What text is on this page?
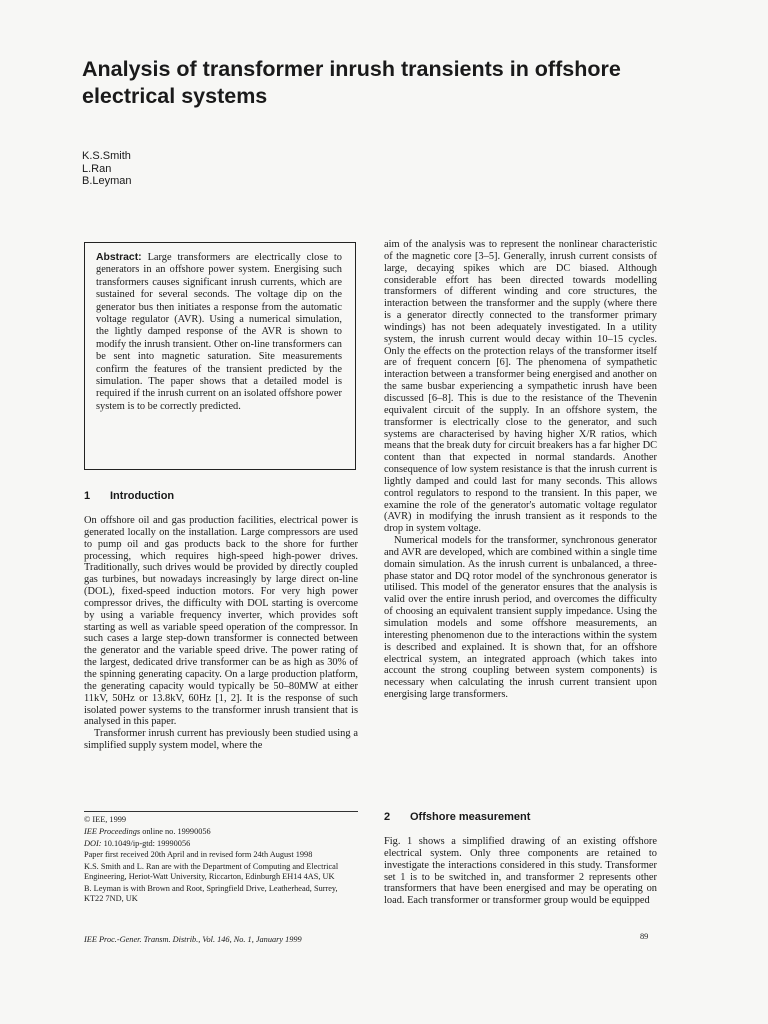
Analysis of transformer inrush transients in offshore electrical systems
K.S.Smith
L.Ran
B.Leyman

Abstract: Large transformers are electrically close to generators in an offshore power system. Energising such transformers causes significant inrush currents, which are sustained for several seconds. The voltage dip on the generator bus then initiates a response from the automatic voltage regulator (AVR). Using a numerical simulation, the lightly damped response of the AVR is shown to modify the inrush transient. Other on-line transformers can be sent into magnetic saturation. Site measurements confirm the features of the transient predicted by the simulation. The paper shows that a detailed model is required if the inrush current on an isolated offshore power system is to be correctly predicted.

1 Introduction

On offshore oil and gas production facilities, electrical power is generated locally on the installation. Large compressors are used to pump oil and gas products back to the shore for further processing, which requires high-speed high-power drives. Traditionally, such drives would be provided by directly coupled gas turbines, but nowadays increasingly by large direct on-line (DOL), fixed-speed induction motors. For very high power compressor drives, the difficulty with DOL starting is overcome by using a variable frequency inverter, which provides soft starting as well as variable speed operation of the compressor. In such cases a large step-down transformer is connected between the generator and the variable speed drive. The power rating of the largest, dedicated drive transformer can be as high as 30% of the spinning generating capacity. On a large production platform, the generating capacity would typically be 50–80MW at either 11kV, 50Hz or 13.8kV, 60Hz [1, 2]. It is the response of such isolated power systems to the transformer inrush transient that is analysed in this paper.

Transformer inrush current has previously been studied using a simplified supply system model, where the

aim of the analysis was to represent the nonlinear characteristic of the magnetic core [3–5]. Generally, inrush current consists of large, decaying spikes which are DC biased. Although considerable effort has been directed towards modelling transformers of different winding and core structures, the interaction between the transformer and the supply (where there is a generator directly connected to the transformer primary windings) has not been adequately investigated. In a utility system, the inrush current would decay within 10–15 cycles. Only the effects on the protection relays of the transformer itself are of frequent concern [6]. The phenomena of sympathetic interaction between a transformer being energised and another on the same busbar experiencing a sympathetic inrush have been discussed [6–8]. This is due to the resistance of the Thevenin equivalent circuit of the supply. In an offshore system, the transformer is electrically close to the generator, and such systems are characterised by having higher X/R ratios, which means that the break duty for circuit breakers has a far higher DC content than that expected in normal standards. Another consequence of low system resistance is that the inrush current is lightly damped and could last for many seconds. This allows control regulators to respond to the transient. In this paper, we examine the role of the generator's automatic voltage regulator (AVR) in modifying the inrush transient as it responds to the drop in system voltage.

Numerical models for the transformer, synchronous generator and AVR are developed, which are combined within a single time domain simulation. As the inrush current is unbalanced, a three-phase stator and DQ rotor model of the synchronous generator is utilised. This model of the generator ensures that the analysis is valid over the entire inrush period, and overcomes the difficulty of choosing an equivalent transient supply impedance. Using the simulation models and some offshore measurements, an interesting phenomenon due to the interactions within the system is described and explained. It is shown that, for an offshore electrical system, an integrated approach (which takes into account the strong coupling between system components) is necessary when calculating the inrush current transient upon energising large transformers.

2 Offshore measurement

Fig. 1 shows a simplified drawing of an existing offshore electrical system. Only three components are retained to investigate the interactions considered in this study. Transformer set 1 is to be switched in, and transformer 2 represents other transformers that have been energised and may be operating on load. Each transformer or transformer group would be equipped

© IEE, 1999

IEE Proceedings online no. 19990056

DOI: 10.1049/ip-gtd: 19990056

Paper first received 20th April and in revised form 24th August 1998

K.S. Smith and L. Ran are with the Department of Computing and Electrical Engineering, Heriot-Watt University, Riccarton, Edinburgh EH14 4AS, UK

B. Leyman is with Brown and Root, Springfield Drive, Leatherhead, Surrey, KT22 7ND, UK

IEE Proc.-Gener. Transm. Distrib., Vol. 146, No. 1, January 1999	89
